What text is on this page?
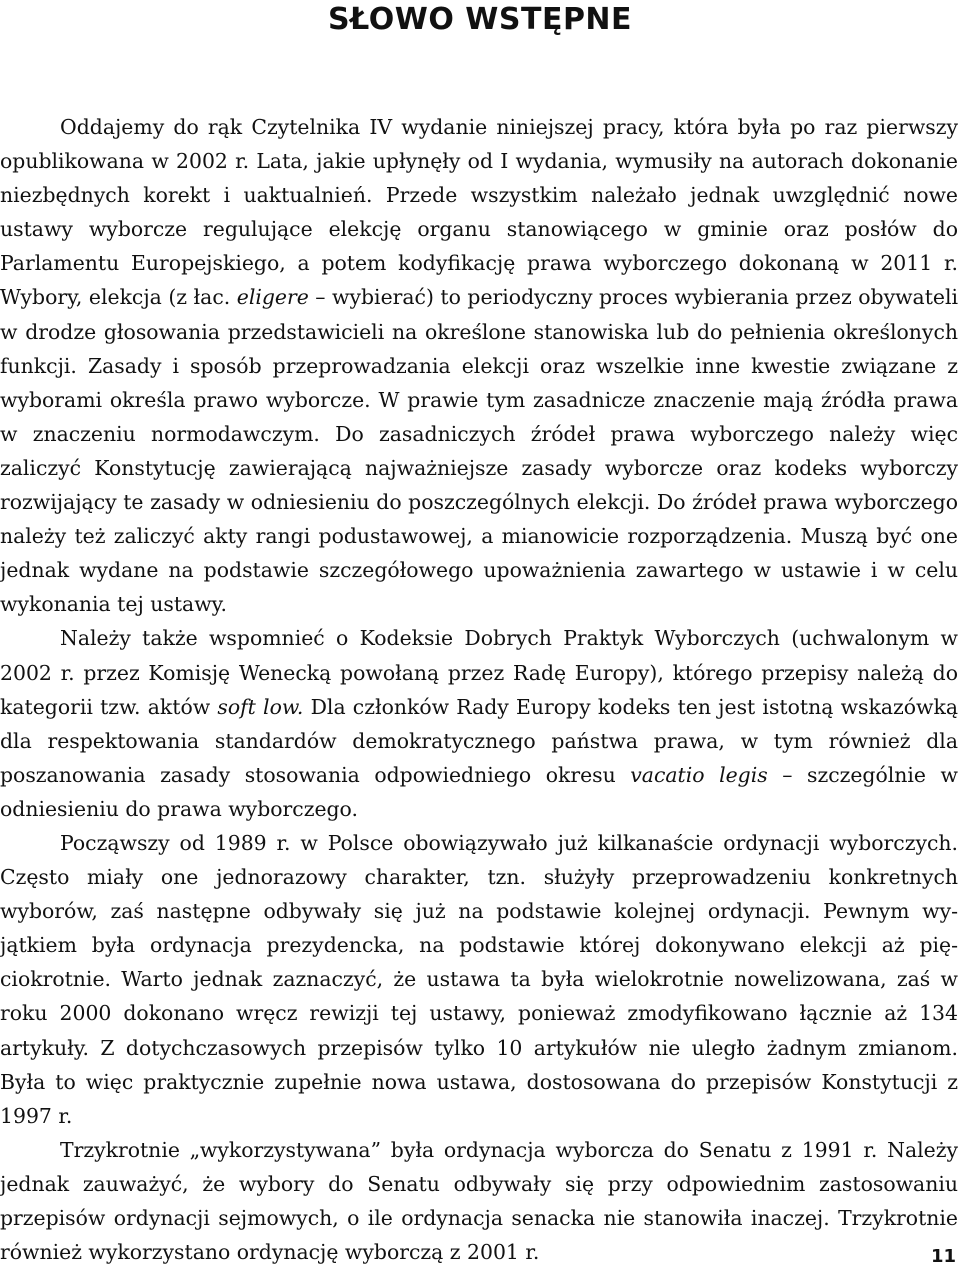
SŁOWO WSTĘPNE

Oddajemy do rąk Czytelnika IV wydanie niniejszej pracy, która była po raz pierwszy opublikowana w 2002 r. Lata, jakie upłynęły od I wydania, wymusiły na autorach dokonanie niezbędnych korekt i uaktualnień. Przede wszystkim należało jednak uwzględnić nowe ustawy wyborcze regulujące elekcję organu stanowiącego w gminie oraz posłów do Parlamentu Europejskiego, a potem kodyfikację prawa wyborczego dokonaną w 2011 r. Wybory, elekcja (z łac. eligere – wybierać) to periodyczny proces wybierania przez obywateli w drodze głosowania przedstawicieli na określone stanowiska lub do pełnienia określonych funkcji. Zasady i sposób przeprowadzania elekcji oraz wszelkie inne kwestie związane z wyborami określa prawo wyborcze. W prawie tym zasadnicze znaczenie mają źródła prawa w znaczeniu normodawczym. Do zasadniczych źródeł prawa wyborczego należy więc zaliczyć Konstytucję zawierającą najważniejsze zasady wyborcze oraz kodeks wyborczy rozwijający te zasady w odniesieniu do poszczególnych elekcji. Do źródeł prawa wyborczego należy też zaliczyć akty rangi podustawowej, a mianowicie rozporządzenia. Muszą być one jednak wydane na podstawie szczegółowego upoważnienia zawartego w ustawie i w celu wykonania tej ustawy.

Należy także wspomnieć o Kodeksie Dobrych Praktyk Wyborczych (uchwalonym w 2002 r. przez Komisję Wenecką powołaną przez Radę Europy), którego przepisy należą do kategorii tzw. aktów soft low. Dla członków Rady Europy kodeks ten jest istotną wskazówką dla respektowania standardów demokratycznego państwa prawa, w tym również dla poszanowania zasady stosowania odpowiedniego okresu vacatio legis – szczególnie w odniesieniu do prawa wyborczego.

Począwszy od 1989 r. w Polsce obowiązywało już kilkanaście ordynacji wyborczych. Często miały one jednorazowy charakter, tzn. służyły przeprowadzeniu konkretnych wyborów, zaś następne odbywały się już na podstawie kolejnej ordynacji. Pewnym wyjątkiem była ordynacja prezydencka, na podstawie której dokonywano elekcji aż pięciokrotnie. Warto jednak zaznaczyć, że ustawa ta była wielokrotnie nowelizowana, zaś w roku 2000 dokonano wręcz rewizji tej ustawy, ponieważ zmodyfikowano łącznie aż 134 artykuły. Z dotychczasowych przepisów tylko 10 artykułów nie uległo żadnym zmianom. Była to więc praktycznie zupełnie nowa ustawa, dostosowana do przepisów Konstytucji z 1997 r.

Trzykrotnie „wykorzystywana” była ordynacja wyborcza do Senatu z 1991 r. Należy jednak zauważyć, że wybory do Senatu odbywały się przy odpowiednim zastosowaniu przepisów ordynacji sejmowych, o ile ordynacja senacka nie stanowiła inaczej. Trzykrotnie również wykorzystano ordynację wyborczą z 2001 r.	11
